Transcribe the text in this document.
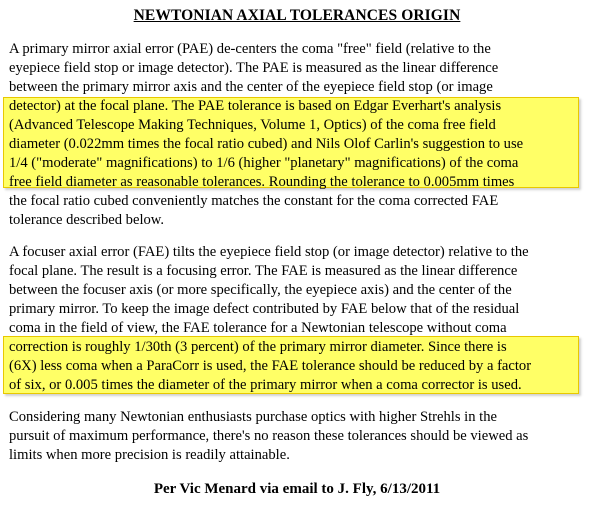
NEWTONIAN AXIAL TOLERANCES ORIGIN
A primary mirror axial error (PAE) de-centers the coma "free" field (relative to the
eyepiece field stop or image detector). The PAE is measured as the linear difference
between the primary mirror axis and the center of the eyepiece field stop (or image
detector) at the focal plane. The PAE tolerance is based on Edgar Everhart's analysis
(Advanced Telescope Making Techniques, Volume 1, Optics) of the coma free field
diameter (0.022mm times the focal ratio cubed) and Nils Olof Carlin's suggestion to use
1/4 ("moderate" magnifications) to 1/6 (higher "planetary" magnifications) of the coma
free field diameter as reasonable tolerances. Rounding the tolerance to 0.005mm times
the focal ratio cubed conveniently matches the constant for the coma corrected FAE
tolerance described below.
A focuser axial error (FAE) tilts the eyepiece field stop (or image detector) relative to the
focal plane. The result is a focusing error. The FAE is measured as the linear difference
between the focuser axis (or more specifically, the eyepiece axis) and the center of the
primary mirror. To keep the image defect contributed by FAE below that of the residual
coma in the field of view, the FAE tolerance for a Newtonian telescope without coma
correction is roughly 1/30th (3 percent) of the primary mirror diameter. Since there is
(6X) less coma when a ParaCorr is used, the FAE tolerance should be reduced by a factor
of six, or 0.005 times the diameter of the primary mirror when a coma corrector is used.
Considering many Newtonian enthusiasts purchase optics with higher Strehls in the
pursuit of maximum performance, there's no reason these tolerances should be viewed as
limits when more precision is readily attainable.
Per Vic Menard via email to J. Fly, 6/13/2011
